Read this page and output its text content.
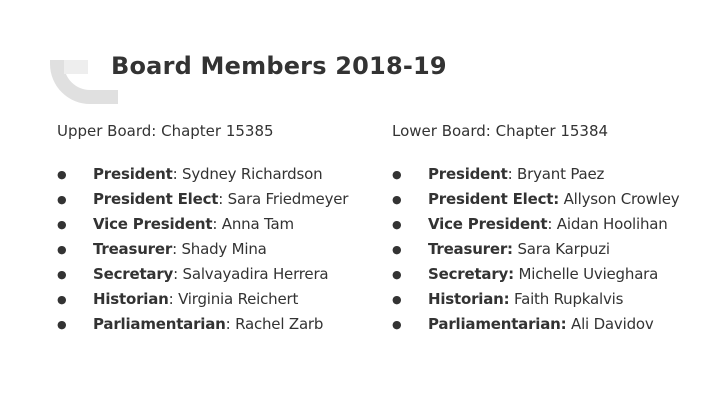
Board Members 2018-19
Upper Board: Chapter 15385
● President: Sydney Richardson
● President Elect: Sara Friedmeyer
● Vice President: Anna Tam
● Treasurer: Shady Mina
● Secretary: Salvayadira Herrera
● Historian: Virginia Reichert
● Parliamentarian: Rachel Zarb
Lower Board: Chapter 15384
● President: Bryant Paez
● President Elect: Allyson Crowley
● Vice President: Aidan Hoolihan
● Treasurer: Sara Karpuzi
● Secretary: Michelle Uvieghara
● Historian: Faith Rupkalvis
● Parliamentarian: Ali Davidov
